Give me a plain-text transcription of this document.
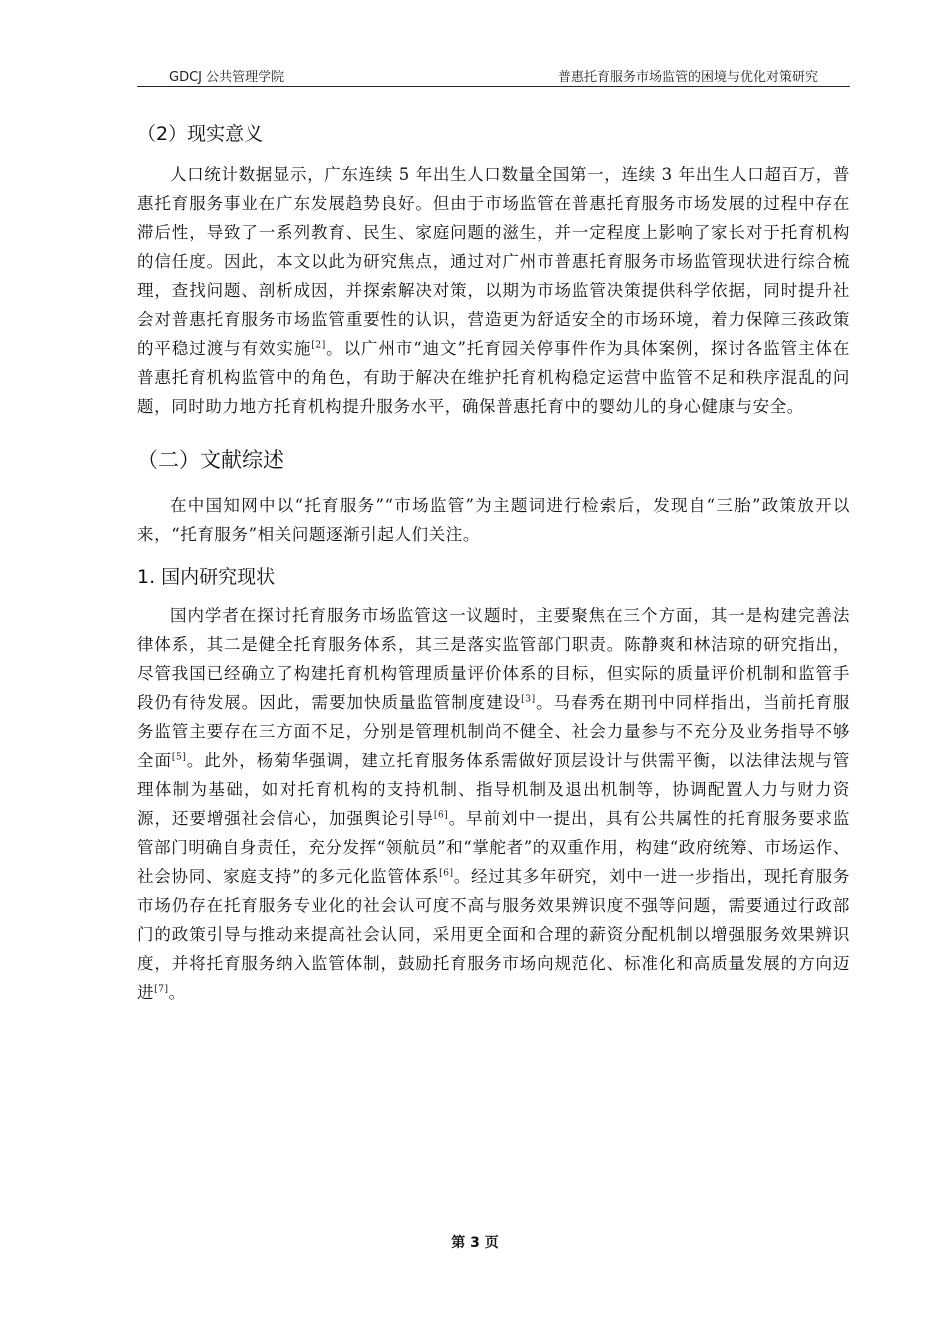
GDCJ 公共管理学院	普惠托育服务市场监管的困境与优化对策研究
（2）现实意义

人口统计数据显示，广东连续 5 年出生人口数量全国第一，连续 3 年出生人口超百万，普惠托育服务事业在广东发展趋势良好。但由于市场监管在普惠托育服务市场发展的过程中存在滞后性，导致了一系列教育、民生、家庭问题的滋生，并一定程度上影响了家长对于托育机构的信任度。因此，本文以此为研究焦点，通过对广州市普惠托育服务市场监管现状进行综合梳理，查找问题、剖析成因，并探索解决对策，以期为市场监管决策提供科学依据，同时提升社会对普惠托育服务市场监管重要性的认识，营造更为舒适安全的市场环境，着力保障三孩政策的平稳过渡与有效实施[2]。以广州市“迪文”托育园关停事件作为具体案例，探讨各监管主体在普惠托育机构监管中的角色，有助于解决在维护托育机构稳定运营中监管不足和秩序混乱的问题，同时助力地方托育机构提升服务水平，确保普惠托育中的婴幼儿的身心健康与安全。

（二）文献综述

在中国知网中以“托育服务”“市场监管”为主题词进行检索后，发现自“三胎”政策放开以来，“托育服务”相关问题逐渐引起人们关注。

1. 国内研究现状

国内学者在探讨托育服务市场监管这一议题时，主要聚焦在三个方面，其一是构建完善法律体系，其二是健全托育服务体系，其三是落实监管部门职责。陈静爽和林洁琼的研究指出，尽管我国已经确立了构建托育机构管理质量评价体系的目标，但实际的质量评价机制和监管手段仍有待发展。因此，需要加快质量监管制度建设[3]。马春秀在期刊中同样指出，当前托育服务监管主要存在三方面不足，分别是管理机制尚不健全、社会力量参与不充分及业务指导不够全面[5]。此外，杨菊华强调，建立托育服务体系需做好顶层设计与供需平衡，以法律法规与管理体制为基础，如对托育机构的支持机制、指导机制及退出机制等，协调配置人力与财力资源，还要增强社会信心，加强舆论引导[6]。早前刘中一提出，具有公共属性的托育服务要求监管部门明确自身责任，充分发挥“领航员”和“掌舵者”的双重作用，构建“政府统筹、市场运作、社会协同、家庭支持”的多元化监管体系[6]。经过其多年研究，刘中一进一步指出，现托育服务市场仍存在托育服务专业化的社会认可度不高与服务效果辨识度不强等问题，需要通过行政部门的政策引导与推动来提高社会认同，采用更全面和合理的薪资分配机制以增强服务效果辨识度，并将托育服务纳入监管体制，鼓励托育服务市场向规范化、标准化和高质量发展的方向迈进[7]。

第 3 页
